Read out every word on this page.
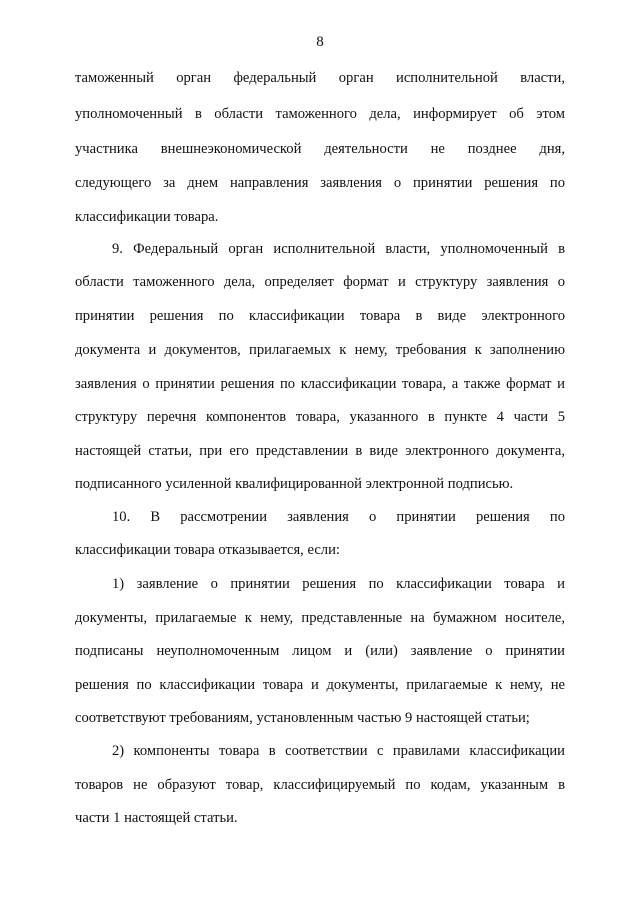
8
таможенный орган федеральный орган исполнительной власти,
уполномоченный в области таможенного дела, информирует об этом
участника внешнеэкономической деятельности не позднее дня,
следующего за днем направления заявления о принятии решения по
классификации товара.
9. Федеральный орган исполнительной власти, уполномоченный в
области таможенного дела, определяет формат и структуру заявления о
принятии решения по классификации товара в виде электронного
документа и документов, прилагаемых к нему, требования к заполнению
заявления о принятии решения по классификации товара, а также формат и
структуру перечня компонентов товара, указанного в пункте 4 части 5
настоящей статьи, при его представлении в виде электронного документа,
подписанного усиленной квалифицированной электронной подписью.
10. В рассмотрении заявления о принятии решения по
классификации товара отказывается, если:
1) заявление о принятии решения по классификации товара и
документы, прилагаемые к нему, представленные на бумажном носителе,
подписаны неуполномоченным лицом и (или) заявление о принятии
решения по классификации товара и документы, прилагаемые к нему, не
соответствуют требованиям, установленным частью 9 настоящей статьи;
2) компоненты товара в соответствии с правилами классификации
товаров не образуют товар, классифицируемый по кодам, указанным в
части 1 настоящей статьи.
